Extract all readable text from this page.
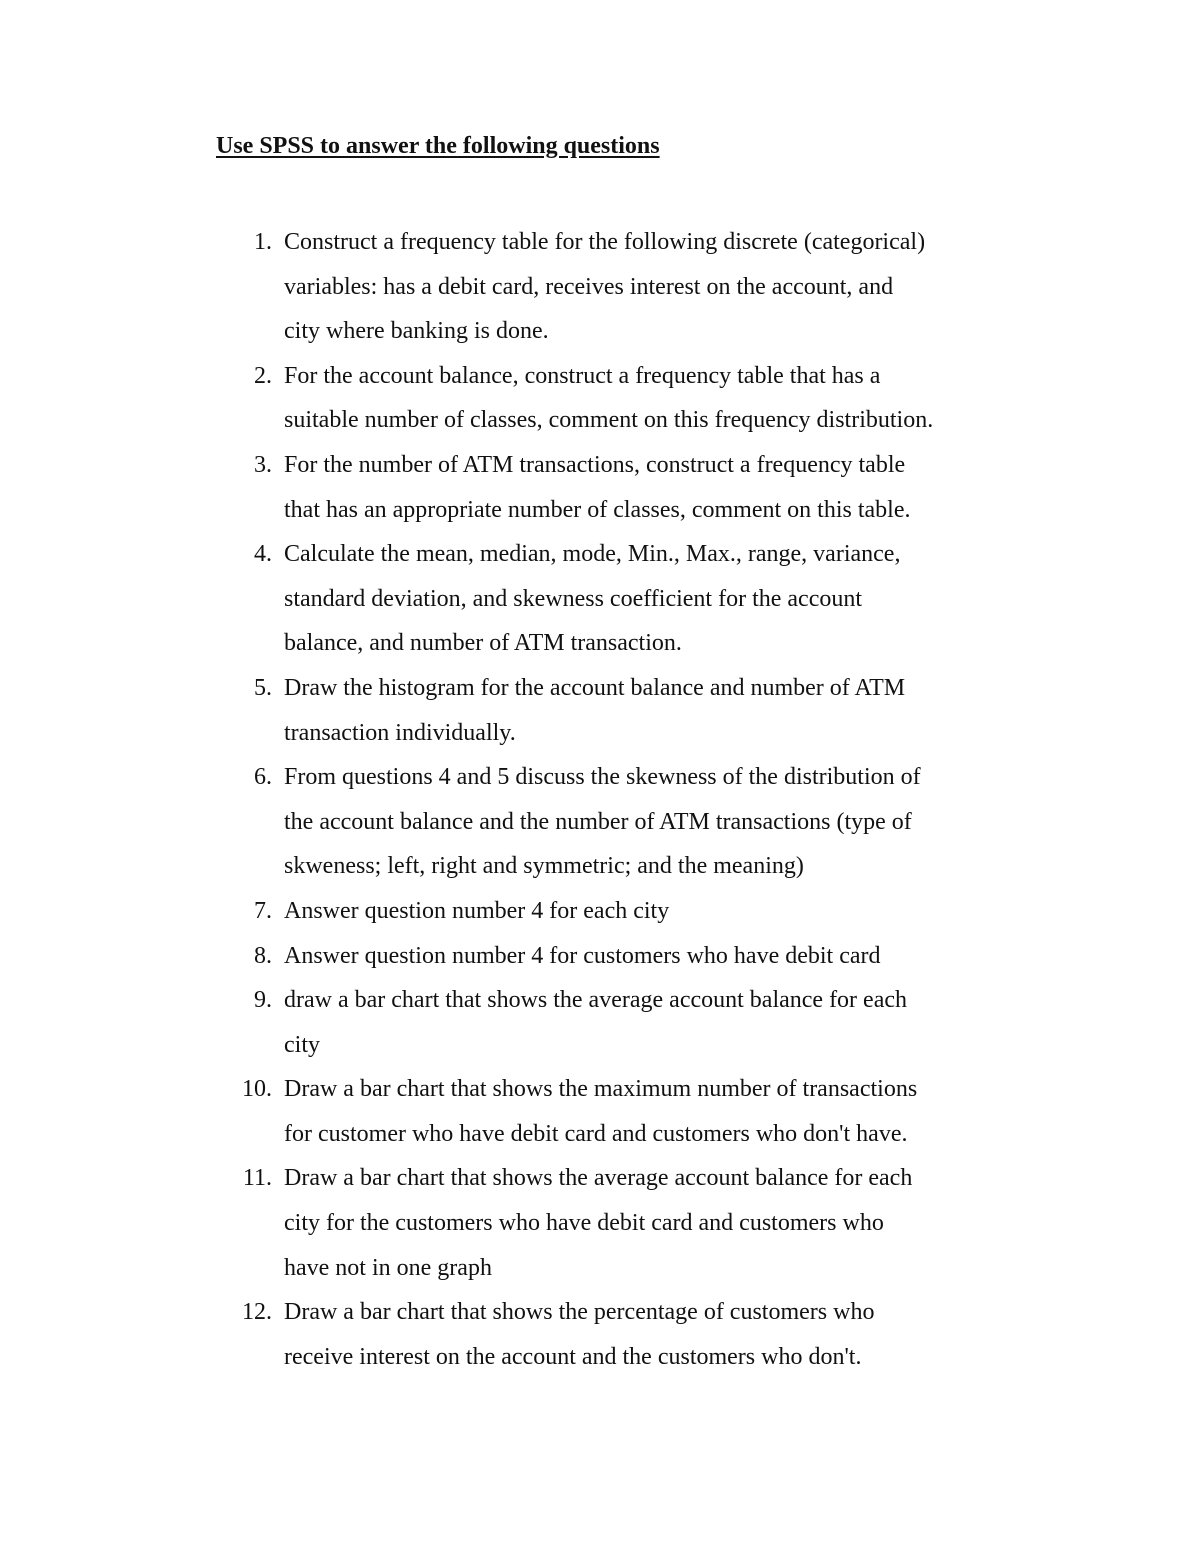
Use SPSS to answer the following questions
1. Construct a frequency table for the following discrete (categorical)
variables: has a debit card, receives interest on the account, and
city where banking is done.
2. For the account balance, construct a frequency table that has a
suitable number of classes, comment on this frequency distribution.
3. For the number of ATM transactions, construct a frequency table
that has an appropriate number of classes, comment on this table.
4. Calculate the mean, median, mode, Min., Max., range, variance,
standard deviation, and skewness coefficient for the account
balance, and number of ATM transaction.
5. Draw the histogram for the account balance and number of ATM
transaction individually.
6. From questions 4 and 5 discuss the skewness of the distribution of
the account balance and the number of ATM transactions (type of
skweness; left, right and symmetric; and the meaning)
7. Answer question number 4 for each city
8. Answer question number 4 for customers who have debit card
9. draw a bar chart that shows the average account balance for each
city
10. Draw a bar chart that shows the maximum number of transactions
for customer who have debit card and customers who don't have.
11. Draw a bar chart that shows the average account balance for each
city for the customers who have debit card and customers who
have not in one graph
12. Draw a bar chart that shows the percentage of customers who
receive interest on the account and the customers who don't.
